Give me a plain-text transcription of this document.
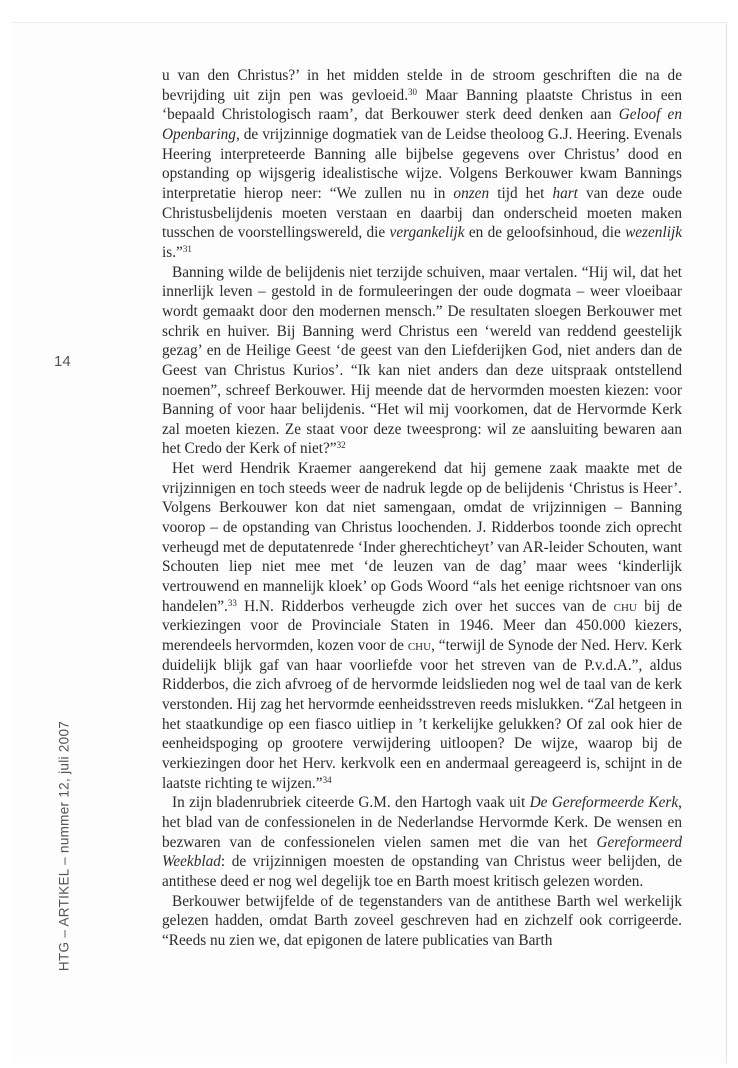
14
HTG – ARTIKEL – nummer 12, juli 2007

u van den Christus?’ in het midden stelde in de stroom geschriften die na de bevrijding uit zijn pen was gevloeid.$^{30}$ Maar Banning plaatste Christus in een ‘bepaald Christologisch raam’, dat Berkouwer sterk deed denken aan Geloof en Openbaring, de vrijzinnige dogmatiek van de Leidse theoloog G.J. Heering. Evenals Heering interpreteerde Banning alle bijbelse gegevens over Christus’ dood en opstanding op wijsgerig idealistische wijze. Volgens Berkouwer kwam Bannings interpretatie hierop neer: “We zullen nu in onzen tijd het hart van deze oude Christusbelijdenis moeten verstaan en daarbij dan onderscheid moeten maken tusschen de voorstellingswereld, die vergankelijk en de geloofsinhoud, die wezenlijk is.”$^{31}$

Banning wilde de belijdenis niet terzijde schuiven, maar vertalen. “Hij wil, dat het innerlijk leven – gestold in de formuleeringen der oude dogmata – weer vloeibaar wordt gemaakt door den modernen mensch.” De resultaten sloegen Berkouwer met schrik en huiver. Bij Banning werd Christus een ‘wereld van reddend geestelijk gezag’ en de Heilige Geest ‘de geest van den Liefderijken God, niet anders dan de Geest van Christus Kurios’. “Ik kan niet anders dan deze uitspraak ontstellend noemen”, schreef Berkouwer. Hij meende dat de hervormden moesten kiezen: voor Banning of voor haar belijdenis. “Het wil mij voorkomen, dat de Hervormde Kerk zal moeten kiezen. Ze staat voor deze tweesprong: wil ze aansluiting bewaren aan het Credo der Kerk of niet?”$^{32}$

Het werd Hendrik Kraemer aangerekend dat hij gemene zaak maakte met de vrijzinnigen en toch steeds weer de nadruk legde op de belijdenis ‘Christus is Heer’. Volgens Berkouwer kon dat niet samengaan, omdat de vrijzinnigen – Banning voorop – de opstanding van Christus loochenden. J. Ridderbos toonde zich oprecht verheugd met de deputatenrede ‘Inder gherechticheyt’ van AR-leider Schouten, want Schouten liep niet mee met ‘de leuzen van de dag’ maar wees ‘kinderlijk vertrouwend en mannelijk kloek’ op Gods Woord “als het eenige richtsnoer van ons handelen”.$^{33}$ H.N. Ridderbos verheugde zich over het succes van de chu bij de verkiezingen voor de Provinciale Staten in 1946. Meer dan 450.000 kiezers, merendeels hervormden, kozen voor de chu, “terwijl de Synode der Ned. Herv. Kerk duidelijk blijk gaf van haar voorliefde voor het streven van de P.v.d.A.”, aldus Ridderbos, die zich afvroeg of de hervormde leidslieden nog wel de taal van de kerk verstonden. Hij zag het hervormde eenheidsstreven reeds mislukken. “Zal hetgeen in het staatkundige op een fiasco uitliep in ’t kerkelijke gelukken? Of zal ook hier de eenheidspoging op grootere verwijdering uitloopen? De wijze, waarop bij de verkiezingen door het Herv. kerkvolk een en andermaal gereageerd is, schijnt in de laatste richting te wijzen.”$^{34}$

In zijn bladenrubriek citeerde G.M. den Hartogh vaak uit De Gereformeerde Kerk, het blad van de confessionelen in de Nederlandse Hervormde Kerk. De wensen en bezwaren van de confessionelen vielen samen met die van het Gereformeerd Weekblad: de vrijzinnigen moesten de opstanding van Christus weer belijden, de antithese deed er nog wel degelijk toe en Barth moest kritisch gelezen worden.

Berkouwer betwijfelde of de tegenstanders van de antithese Barth wel werkelijk gelezen hadden, omdat Barth zoveel geschreven had en zichzelf ook corrigeerde. “Reeds nu zien we, dat epigonen de latere publicaties van Barth
